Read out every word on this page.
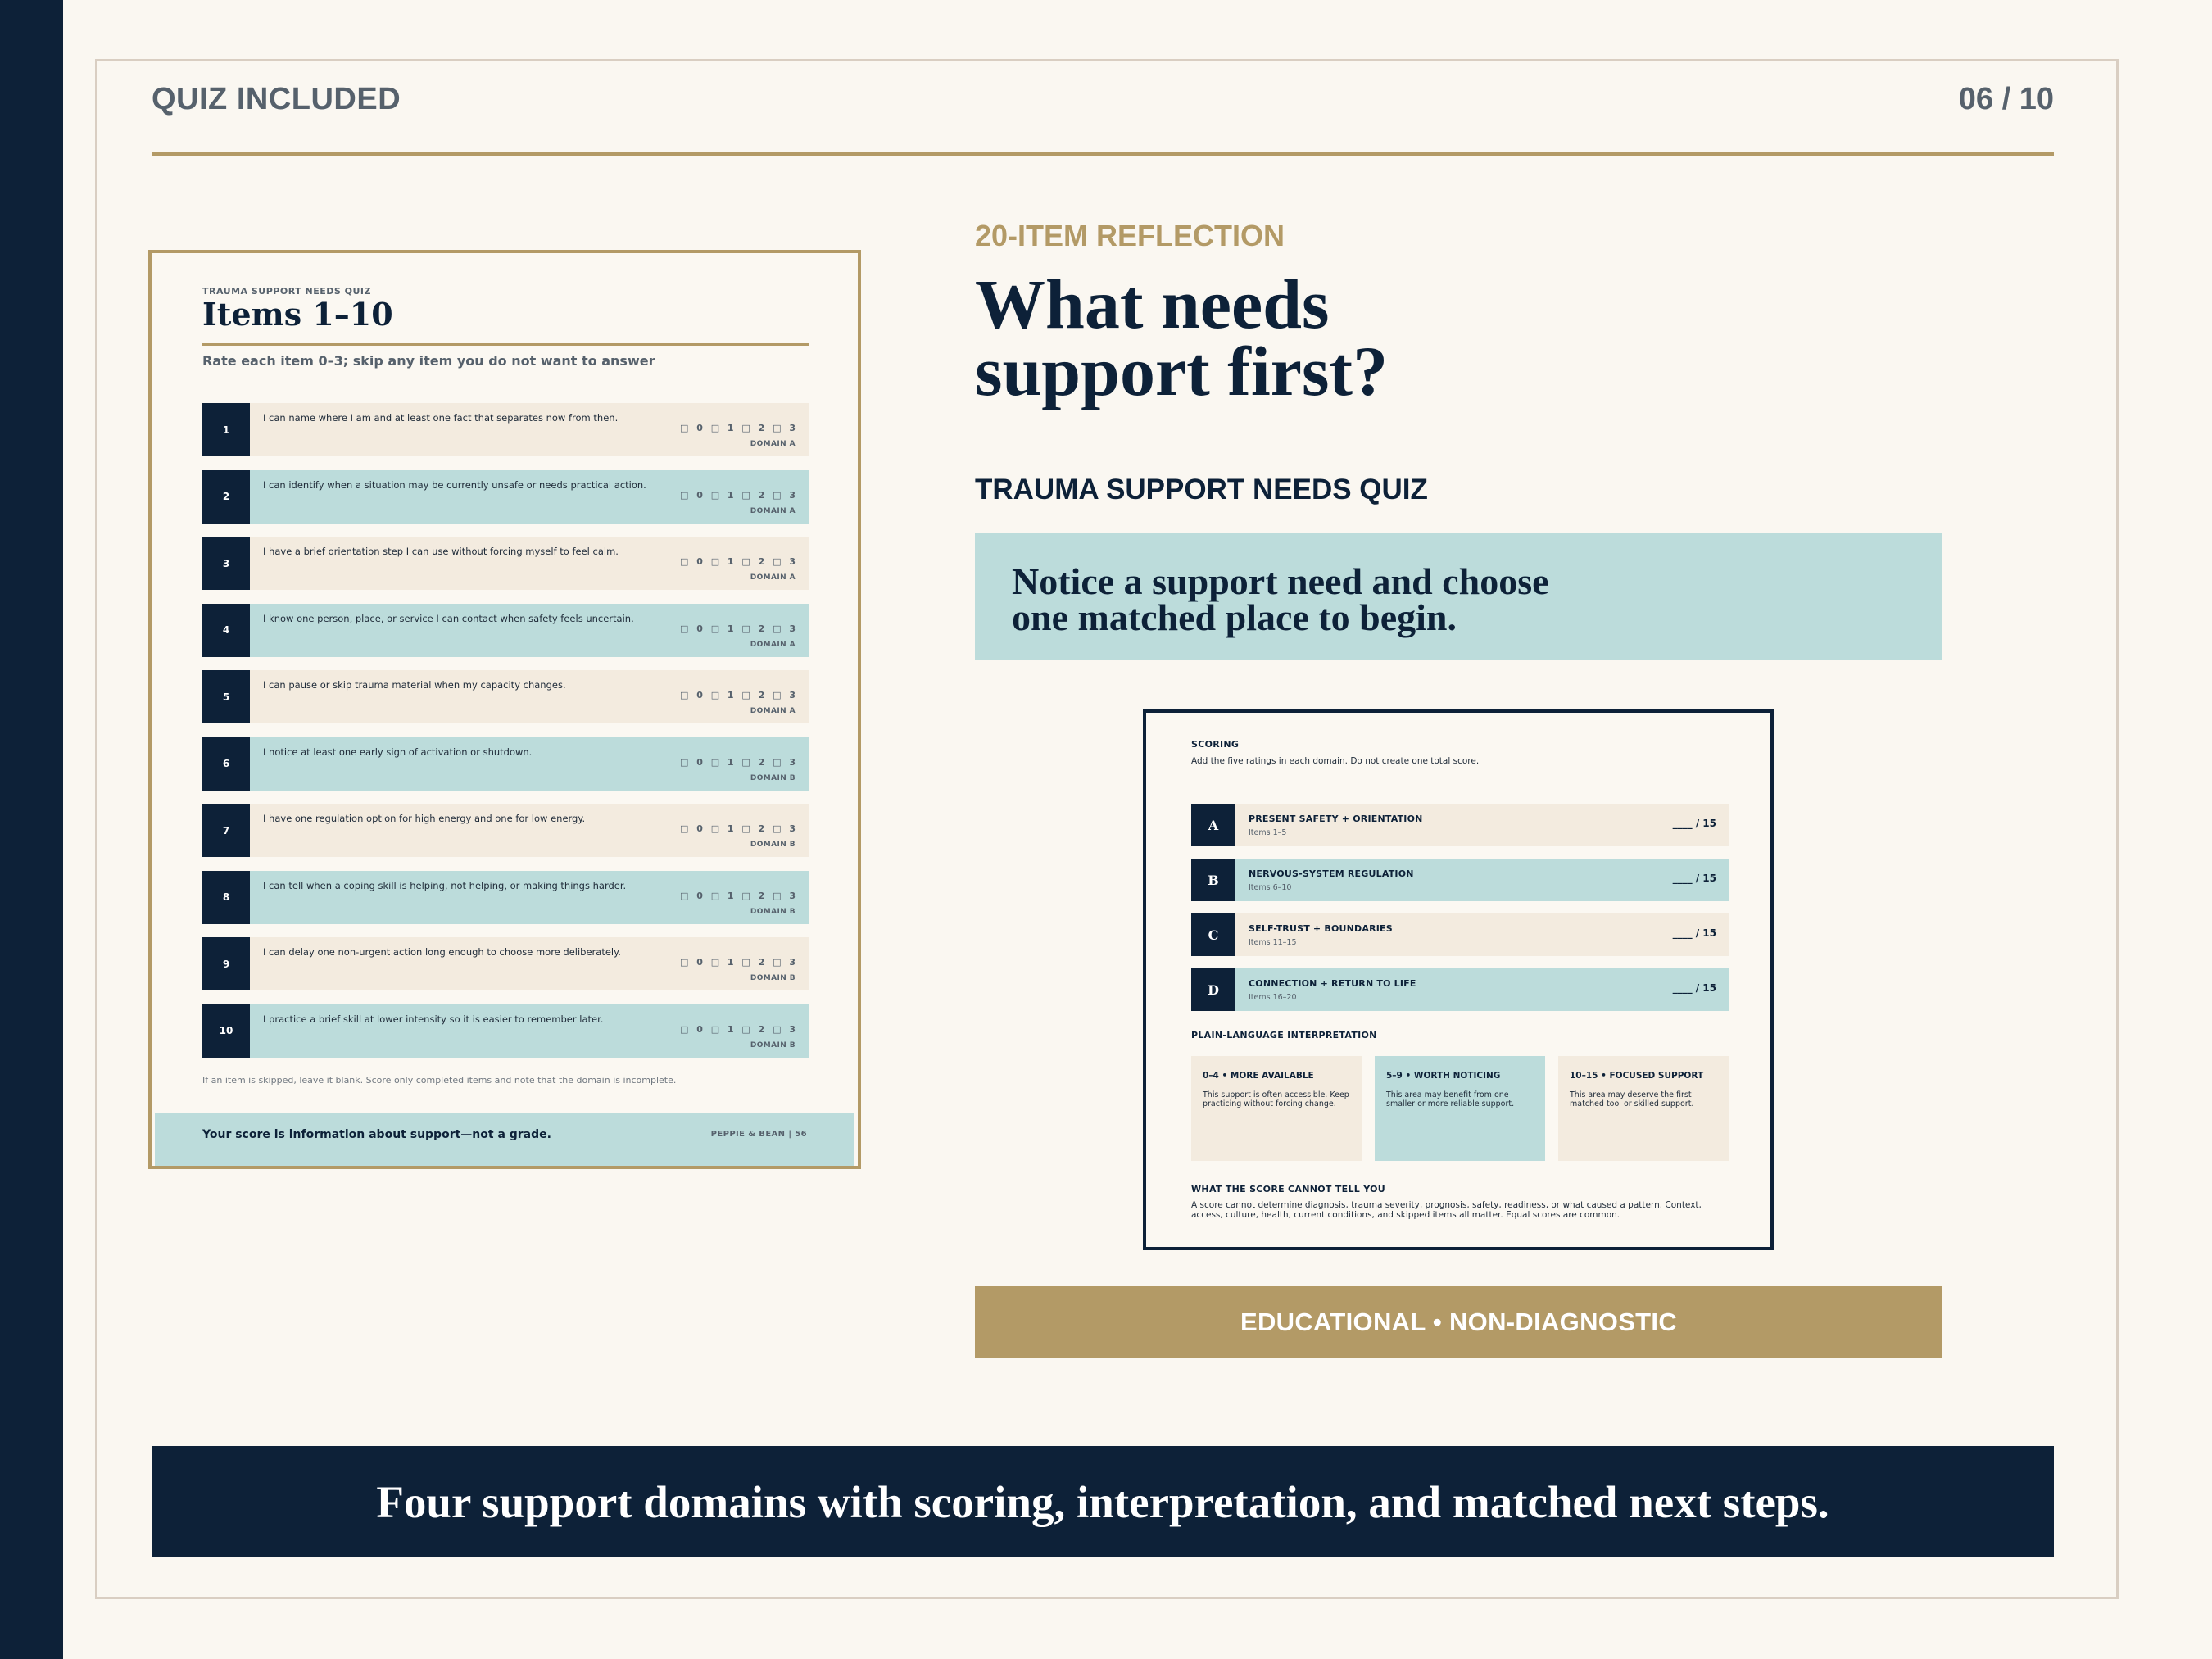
QUIZ INCLUDED	06 / 10
TRAUMA SUPPORT NEEDS QUIZ
Items 1–10
Rate each item 0–3; skip any item you do not want to answer
1
I can name where I am and at least one fact that separates now from then.
□ 0 □ 1 □ 2 □ 3
DOMAIN A
2
I can identify when a situation may be currently unsafe or needs practical action.
□ 0 □ 1 □ 2 □ 3
DOMAIN A
3
I have a brief orientation step I can use without forcing myself to feel calm.
□ 0 □ 1 □ 2 □ 3
DOMAIN A
4
I know one person, place, or service I can contact when safety feels uncertain.
□ 0 □ 1 □ 2 □ 3
DOMAIN A
5
I can pause or skip trauma material when my capacity changes.
□ 0 □ 1 □ 2 □ 3
DOMAIN A
6
I notice at least one early sign of activation or shutdown.
□ 0 □ 1 □ 2 □ 3
DOMAIN B
7
I have one regulation option for high energy and one for low energy.
□ 0 □ 1 □ 2 □ 3
DOMAIN B
8
I can tell when a coping skill is helping, not helping, or making things harder.
□ 0 □ 1 □ 2 □ 3
DOMAIN B
9
I can delay one non-urgent action long enough to choose more deliberately.
□ 0 □ 1 □ 2 □ 3
DOMAIN B
10
I practice a brief skill at lower intensity so it is easier to remember later.
□ 0 □ 1 □ 2 □ 3
DOMAIN B
If an item is skipped, leave it blank. Score only completed items and note that the domain is incomplete.
Your score is information about support—not a grade.	PEPPIE & BEAN | 56
20-ITEM REFLECTION
What needs
support first?
TRAUMA SUPPORT NEEDS QUIZ
Notice a support need and choose
one matched place to begin.
SCORING
Add the five ratings in each domain. Do not create one total score.
A	PRESENT SAFETY + ORIENTATION
Items 1–5
____ / 15
B	NERVOUS-SYSTEM REGULATION
Items 6–10
____ / 15
C	SELF-TRUST + BOUNDARIES
Items 11–15
____ / 15
D	CONNECTION + RETURN TO LIFE
Items 16–20
____ / 15
PLAIN-LANGUAGE INTERPRETATION
0–4 • MORE AVAILABLE
This support is often accessible. Keep practicing without forcing change.
5–9 • WORTH NOTICING
This area may benefit from one smaller or more reliable support.
10–15 • FOCUSED SUPPORT
This area may deserve the first matched tool or skilled support.
WHAT THE SCORE CANNOT TELL YOU
A score cannot determine diagnosis, trauma severity, prognosis, safety, readiness, or what caused a pattern. Context, access, culture, health, current conditions, and skipped items all matter. Equal scores are common.
EDUCATIONAL • NON-DIAGNOSTIC
Four support domains with scoring, interpretation, and matched next steps.
